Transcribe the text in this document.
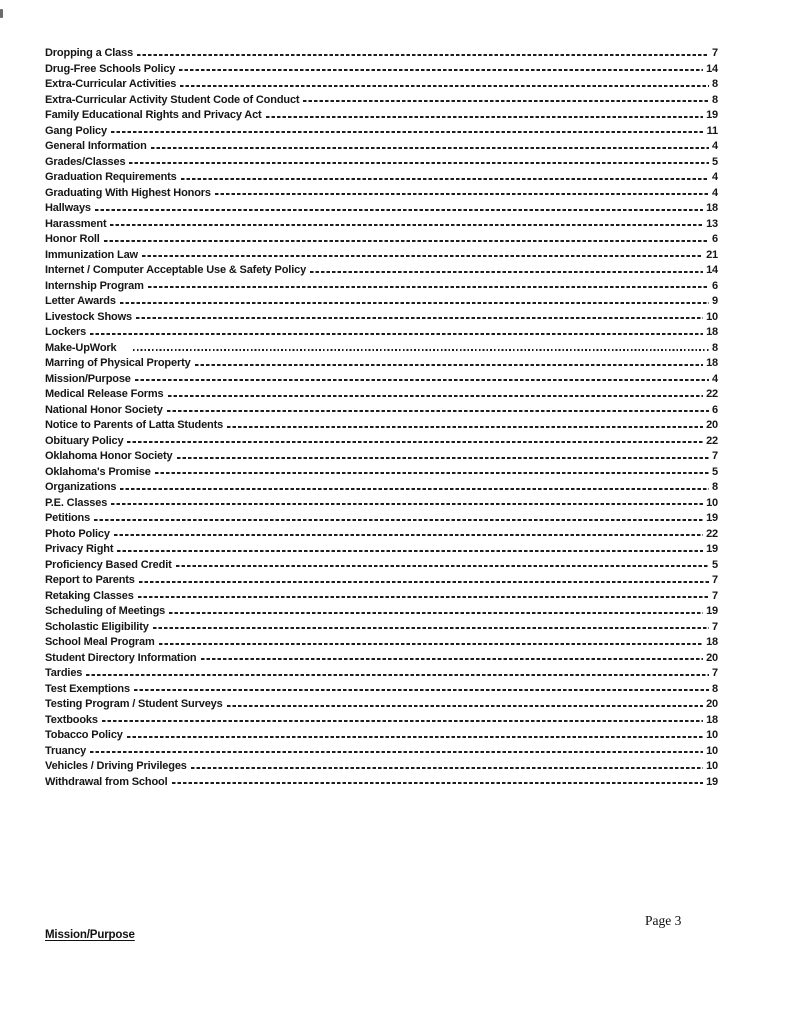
Dropping a Class	7
Drug-Free Schools Policy	14
Extra-Curricular Activities	8
Extra-Curricular Activity Student Code of Conduct	8
Family Educational Rights and Privacy Act	19
Gang Policy	11
General Information	4
Grades/Classes	5
Graduation Requirements	4
Graduating With Highest Honors	4
Hallways	18
Harassment	13
Honor Roll	6
Immunization Law	21
Internet / Computer Acceptable Use & Safety Policy	14
Internship Program	6
Letter Awards	9
Livestock Shows	10
Lockers	18
Make-UpWork	8
Marring of Physical Property	18
Mission/Purpose	4
Medical Release Forms	22
National Honor Society	6
Notice to Parents of Latta Students	20
Obituary Policy	22
Oklahoma Honor Society	7
Oklahoma's Promise	5
Organizations	8
P.E. Classes	10
Petitions	19
Photo Policy	22
Privacy Right	19
Proficiency Based Credit	5
Report to Parents	7
Retaking Classes	7
Scheduling of Meetings	19
Scholastic Eligibility	7
School Meal Program	18
Student Directory Information	20
Tardies	7
Test Exemptions	8
Testing Program / Student Surveys	20
Textbooks	18
Tobacco Policy	10
Truancy	10
Vehicles / Driving Privileges	10
Withdrawal from School	19
Page 3
Mission/Purpose
